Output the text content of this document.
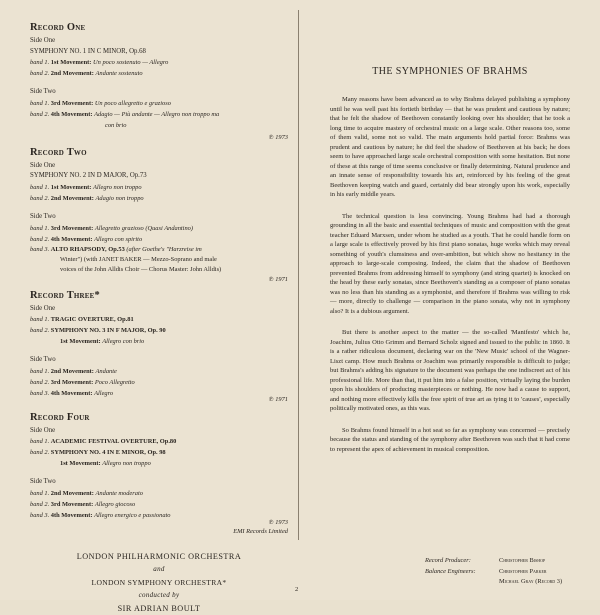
Record One

Side One

SYMPHONY NO. 1 IN C MINOR, Op.68

band 1. 1st Movement: Un poco sostenuto — Allegro

band 2. 2nd Movement: Andante sostenuto

Side Two

band 1. 3rd Movement: Un poco allegretto e grazioso

band 2. 4th Movement: Adagio — Più andante — Allegro non troppo ma

con brio

℗ 1973

Record Two

Side One

SYMPHONY NO. 2 IN D MAJOR, Op.73

band 1. 1st Movement: Allegro non troppo

band 2. 2nd Movement: Adagio non troppo

Side Two

band 1. 3rd Movement: Allegretto grazioso (Quasi Andantino)

band 2. 4th Movement: Allegro con spirito

band 3. ALTO RHAPSODY, Op.53 (after Goethe's "Harzreise im

Winter") (with JANET BAKER — Mezzo-Soprano and male

voices of the John Alldis Choir — Chorus Master: John Alldis)

℗ 1971

Record Three*

Side One

band 1. TRAGIC OVERTURE, Op.81

band 2. SYMPHONY NO. 3 IN F MAJOR, Op. 90

1st Movement: Allegro con brio

Side Two

band 1. 2nd Movement: Andante

band 2. 3rd Movement: Poco Allegretto

band 3. 4th Movement: Allegro

℗ 1971

Record Four

Side One

band 1. ACADEMIC FESTIVAL OVERTURE, Op.80

band 2. SYMPHONY NO. 4 IN E MINOR, Op. 98

1st Movement: Allegro non troppo

Side Two

band 1. 2nd Movement: Andante moderato

band 2. 3rd Movement: Allegro giocoso

band 3. 4th Movement: Allegro energico e passionato

℗ 1973

EMI Records Limited

LONDON PHILHARMONIC ORCHESTRA
and
LONDON SYMPHONY ORCHESTRA*
conducted by
SIR ADRIAN BOULT
THE SYMPHONIES OF BRAHMS

Many reasons have been advanced as to why Brahms delayed publishing a symphony until he was well past his fortieth birthday — that he was prudent and cautious by nature; that he felt the shadow of Beethoven constantly looking over his shoulder; that he took a long time to acquire mastery of orchestral music on a large scale. Other reasons too, some of them valid, some not so valid. The main arguments hold partial force: Brahms was prudent and cautious by nature; he did feel the shadow of Beethoven at his back; he does seem to have approached large scale orchestral composition with some hesitation. But none of these at this range of time seems conclusive or finally determining. Natural prudence and an innate sense of responsibility towards his art, reinforced by his feeling of the great Beethoven keeping watch and guard, certainly did bear strongly upon his work, especially in his early middle years.

The technical question is less convincing. Young Brahms had had a thorough grounding in all the basic and essential techniques of music and composition with the great teacher Eduard Marxsen, under whom he studied as a youth. That he could handle form on a large scale is effectively proved by his first piano sonatas, huge works which may reveal something of youth's clumsiness and over-ambition, but which show no hesitancy in the approach to large-scale composing. Indeed, the claim that the shadow of Beethoven prevented Brahms from addressing himself to symphony (and string quartet) is knocked on the head by these early sonatas, since Beethoven's standing as a composer of piano sonatas was no less than his standing as a symphonist, and therefore if Brahms was willing to risk — more, directly to challenge — comparison in the piano sonata, why not in symphony also? It is a dubious argument.

But there is another aspect to the matter — the so-called 'Manifesto' which he, Joachim, Julius Otto Grimm and Bernard Scholz signed and issued to the public in 1860. It is a rather ridiculous document, declaring war on the 'New Music' school of the Wagner-Liszt camp. How much Brahms or Joachim was primarily responsible is difficult to judge; but Brahms's adding his signature to the document was perhaps the one indiscreet act of his professional life. More than that, it put him into a false position, virtually laying the burden upon his shoulders of producing masterpieces or nothing. He now had a cause to support, and nothing more effectively kills the free spirit of true art as tying it to 'causes', especially politically motivated ones, as this was.

So Brahms found himself in a hot seat so far as symphony was concerned — precisely because the status and standing of the symphony after Beethoven was such that it had come to represent the apex of achievement in musical composition.

Record Producer:	Christopher Bishop
Balance Engineers:	Christopher Parker
Michael Gray (Record 3)
2
